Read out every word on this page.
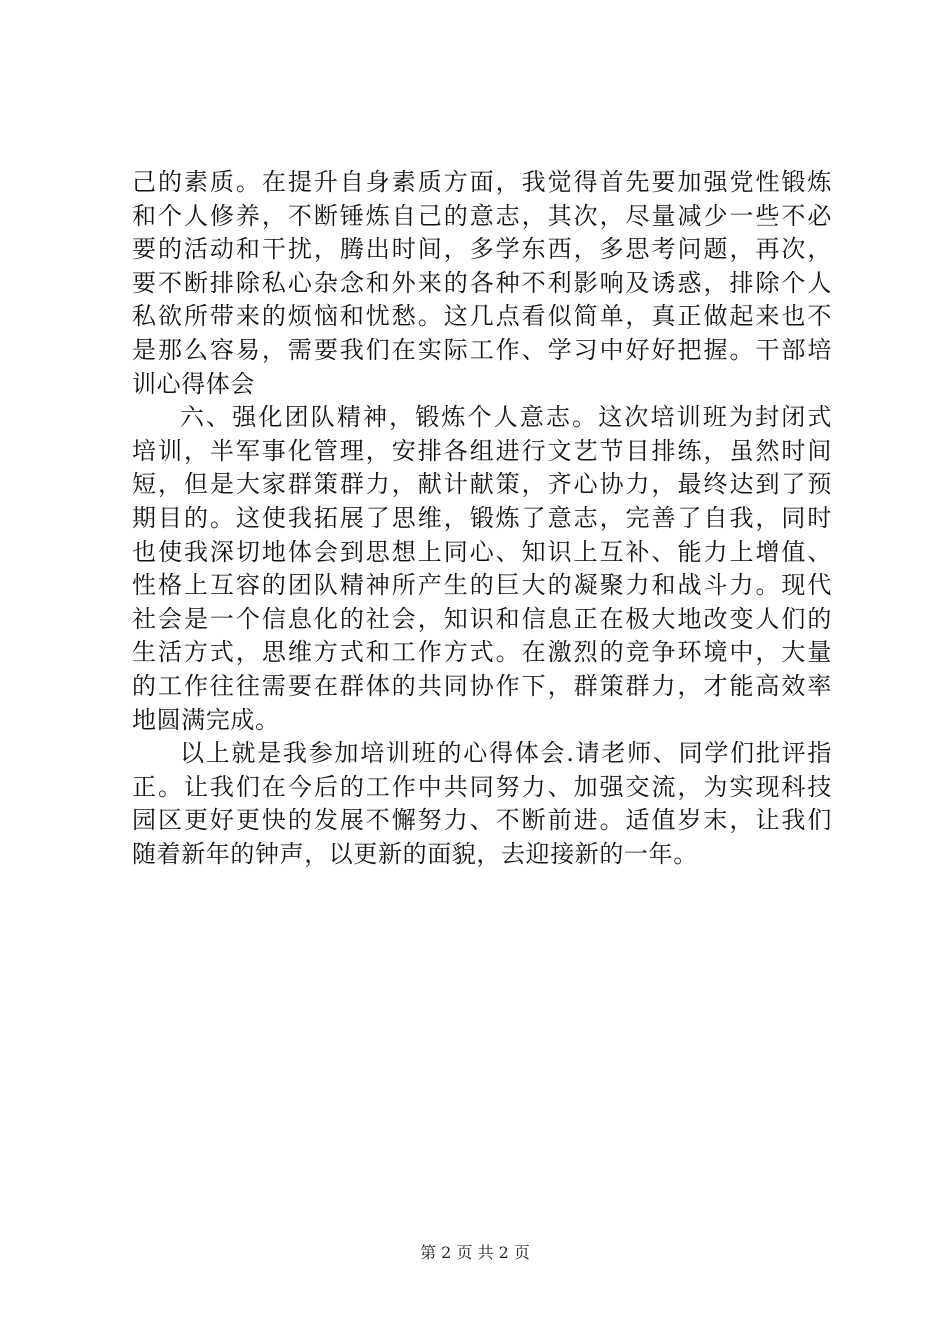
己的素质。在提升自身素质方面，我觉得首先要加强党性锻炼
和个人修养，不断锤炼自己的意志，其次，尽量减少一些不必
要的活动和干扰，腾出时间，多学东西，多思考问题，再次，
要不断排除私心杂念和外来的各种不利影响及诱惑，排除个人
私欲所带来的烦恼和忧愁。这几点看似简单，真正做起来也不
是那么容易，需要我们在实际工作、学习中好好把握。干部培
训心得体会
六、强化团队精神，锻炼个人意志。这次培训班为封闭式
培训，半军事化管理，安排各组进行文艺节目排练，虽然时间
短，但是大家群策群力，献计献策，齐心协力，最终达到了预
期目的。这使我拓展了思维，锻炼了意志，完善了自我，同时
也使我深切地体会到思想上同心、知识上互补、能力上增值、
性格上互容的团队精神所产生的巨大的凝聚力和战斗力。现代
社会是一个信息化的社会，知识和信息正在极大地改变人们的
生活方式，思维方式和工作方式。在激烈的竞争环境中，大量
的工作往往需要在群体的共同协作下，群策群力，才能高效率
地圆满完成。
以上就是我参加培训班的心得体会.请老师、同学们批评指
正。让我们在今后的工作中共同努力、加强交流，为实现科技
园区更好更快的发展不懈努力、不断前进。适值岁末，让我们
随着新年的钟声，以更新的面貌，去迎接新的一年。
第 2 页 共 2 页
